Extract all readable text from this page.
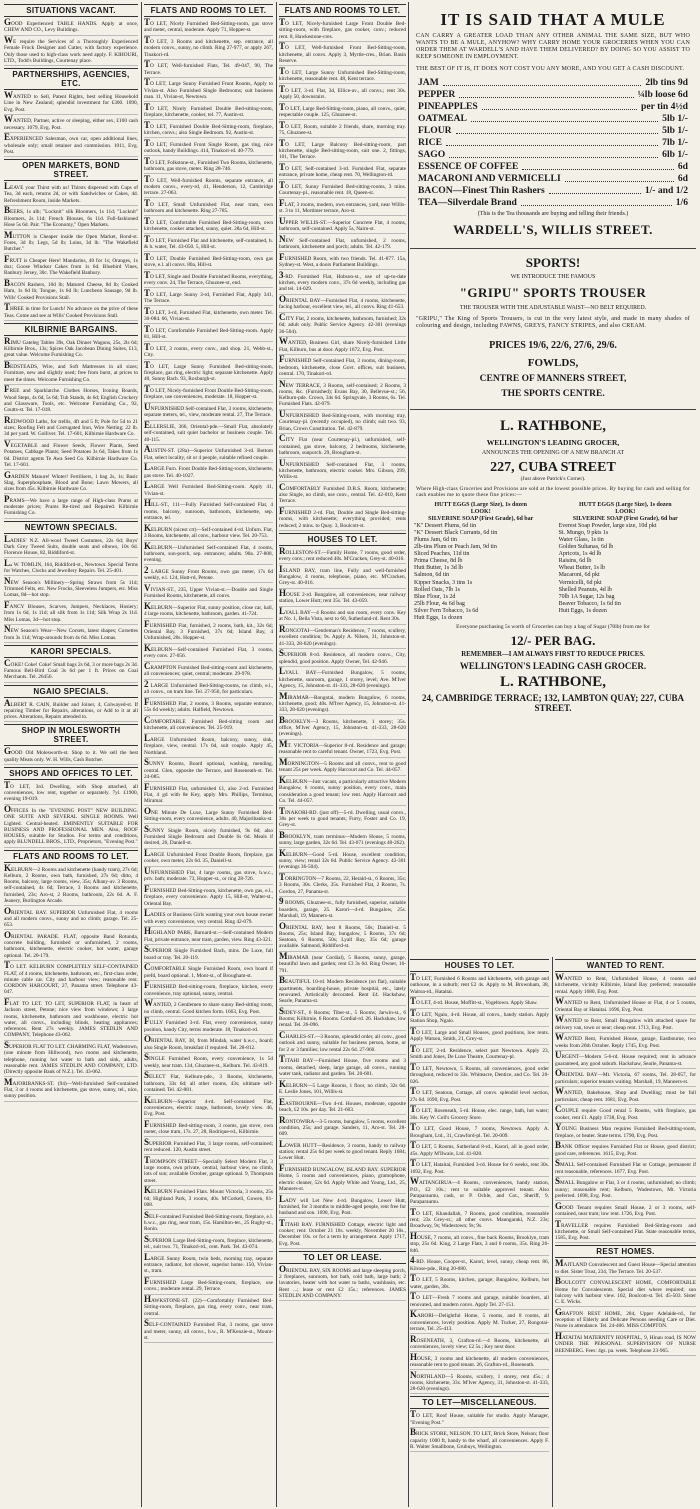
SITUATIONS VACANT.
GOOD Experienced TABLE HANDS. Apply at once, CHEW AND CO., Levy Buildings.
WE require the Services of a Thoroughly Experienced Female Frock Designer and Cutter, with factory experience. Only those used to high-class work need apply. F. KIHOURI, LTD., Todd's Buildings, Courtenay place.
PARTNERSHIPS, AGENCIES, ETC.
WANTED to Sell, Patent Rights, best selling Household Line in New Zealand; splendid investment for £300. 1090, Evg. Post.
WANTED, Partner, active or sleeping, either sex, £100 cash necessary. 1079, Evg. Post.
EXPERIENCED Salesman, own car, open additional lines, wholesale only; small retainer and commission. 1011, Evg. Post.
OPEN MARKETS, BOND STREET.
LEAVE your Thirst with us! Thirsts dispersed with Cups of Tea, 3d each, returns 2d, or with Sandwiches or Cakes, 4d. Refreshment Room, inside Markets.
BEERS, 1s alb; "Locknit" silk Bloomers, 1s 11d; "Locknit" Bloomers, 2s 11d; French Blouses, 6s 11d. Full-fashioned Hose 5s 6d. Pair. "The Economy," Open Markets.
MUTTON is Cheaper inside the Open Market, Bond-st. Fores, 3d lb; Legs, 5d lb; Loins, 3d lb. "The Wakefield Butcher."
FRUIT is Cheaper Here! Mandarins, 40 for 1s; Oranges, 1s doz; Goose Windsor Cakes from 1s 6d. Bluebird Vines, Banbury Jersey, 30c. The Wakefield Banbury.
BACON Rashers, 10d lb; Matured Cheese, 8d lb; Cooked Ham, 1s 6d lb; Tongue, 1s 6d lb; Luncheon Sausage, 9d lb. Wills' Cooked Provisions Stall.
THREE in time for Lunch! No advance on the price of these Teas. Come and see at Wills' Cooked Provisions Stall.
KILBIRNIE BARGAINS.
RIMU Gateleg Tables 39s, Oak Dinner Wagons, 25s, 2ls 6d; Kilbirnie Bros., 13s; Spices Oak Jacobean Dining Suites, £13, great value. Welcome Furnishing Co.
BEDSTEADS, Wire, and Soft Mattresses in all sizes; Furniture, new and slightly used; free from burst, at prices to meet the times. Welcome Furnishing Co.
FREE and Sparklatche. Clothes Horses, Ironing Boards, Wood Steps, 4s 6d, 5s 6d; Tub Stands, 4s 6d; English Crockery and Glassware, Tools, etc. Welcome Furnishing Co., 92, Coutts-st. Tel. 17-018.
REDWOOD Laths, for trellis, 4ft and 5 ft; Pole for 5d to 21 sizes; Roofing Felt and Corrugated Iron, Wire Netting; 22 lb. 3d per yard. W. Golliver. Tel. 17-601, Kilbirnie Hardware Co.
VEGETABLE and Flower Seeds, Flower Plants, Seed Potatoes, Cabbage Plants; Seed Potatoes 3s 6d, Takes from 1s 6d. District agents Te Awa Seed Co. Kilbirnie Hardware Co. Tel. 17-601.
GARDEN Manure! Winter! Fertilisers, 1 bag 2s, 1s; Basic Slag, Superphosphate, Blood and Bone; Lawn Mowers, all sizes from 45s. Kilbirnie Hardware Co.
PRAMS—We have a large range of High-class Prams at moderate prices; Prams Re-tired and Repaired. Kilbirnie Furnishing Co.
NEWTOWN SPECIALS.
LADIES' N.Z. All-wool Tweed Costumes, 22s 6d; Boys' Dark Grey Tweed Suits, double seats and elbows, 10s 6d. Florence House, 82, Riddiford-st.
L. W. TOMLIN, 164, Riddiford-st., Newtown. Special Terms for Watches, Clocks and Jewellery Repairs. Tel. 25-401.
NEW Season's Millinery—Spring Straws from 5s 11d; Trimmed Felts, etc. New Frocks, Sleeveless Jumpers, etc. Miss Lomas, 8d—hot stop.
FANCY Blouses, Scarves, Jumpers, Necklaces, Hosiery; from 1s 6d, 1s 11d; all silk from 1s 11d; Silk Wrap 2s 11d. Miss Lomas, 3d—hot stop.
NEW Season's Wear—New Corsets, latest shapes; Corsettes from 3s 11d; Wrap-arounds from 4s 6d. Miss Lomas.
KARORI SPECIALS.
COKE! Coke! Coke! Small bags 2s 6d, 3 or more bags 2s 3d. Famous Bell-Bird Coal 3s 6d per 1 ft. Prices on Coal Merchants. Tel. 26456.
NGAIO SPECIALS.
ALBERT R. CAIN, Builder and Joiner, 4, Colwayed-st. If repairing Timber for Repairs, alterations, or Add to it at all prices. Alterations, Repairs attended to.
SHOP IN MOLESWORTH STREET.
GOOD Old Molesworth-st. Shop to it. We sell the best quality Meats only. W. H. Wills, Cash Butcher.
SHOPS AND OFFICES TO LET.
TO LET, 3rd. Dwelling, with Shop attached, all conveniences, low rent, together or separately. 7yl. £1900, evening 19-019.
OFFICES In the "EVENING POST" NEW BUILDING. ONE SUITE AND SEVERAL SINGLE ROOMS. Well Lighted. Central-heated. EMINENTLY SUITABLE FOR BUSINESS AND PROFESSIONAL MEN. Also, ROOF HOUSES, suitable for Studios. For terms and conditions, apply BLUNDELL BROS., LTD., Proprietors, "Evening Post."
FLATS AND ROOMS TO LET.
KELBURN—2 Rooms and kitchenette (handy tram), 27s 6d; Kelburn, 2 Rooms, own bath, furnished, 27s 6d; ditto, 4 Rooms, balcony, large rooms, view, 35s; Albany-av. 3 Rooms, self-contained, 4s 6d; Terrace, 3 Rooms and kitchenette, furnished, 23s; Aro-st, 2 Rooms, bathroom, 22s 6d. A. F. Jeanery, Burlington Arcade.
ORIENTAL BAY. SUPERIOR Unfurnished Flat, 4 rooms and all modern convs., sunny and no climb; garage. Tel. 25-653.
ORIENTAL PARADE. FLAT, opposite Band Rotunda, concrete building, furnished or unfurnished, 2 rooms, bathroom, kitchenette, electric cooker, hot water, garage optional. Tel. 20-179.
TO LET. KELBURN COMPLETELY SELF-CONTAINED FLAT, of 4 rooms, kitchenette, bathroom, etc., first-class order, minute cable car. City and harbour view; reasonable rent. GORDON HARCOURT, 27, Panama street. Telephone 43-047.
FLAT TO LET. TO LET, SUPERIOR FLAT, in heart of Jackson street, Petone; nice view from windows; 3 large rooms, kitchenette, bathroom and washhouse, electric hot water, all convs., including blinds, heating appliances; references. Rent 27s weekly. JAMES STEDLIN AND COMPANY, Telephone 43-062.
SUPERIOR FLAT TO LET. CHARMING FLAT, Wadestown, (one minute from Hillwood), two rooms and kitchenette, telephone, running hot water to bath and sink, adults, reasonable rent. JAMES STEDLIN AND COMPANY, LTD. (Directly opposite Bank of N.Z.). Tel. 43-062.
MAJORIBANKS-ST. (94)—Well-furnished Self-contained Flat, 3 or 4 rooms and kitchenette, gas stove, sunny, tel., nice, sunny position.
FLATS AND ROOMS TO LET.
TO LET, Nicely Furnished Bed-Sitting-room, gas stove and meter, central, moderate. Apply 71, Hopper-st.
TO LET, 3 Rooms and kitchenette, sep. entrance, all modern convs., sunny, no climb. Ring 27-977, or apply 267, Tinakori-rd.
TO LET, Well-furnished Flats, Tel. 49-047, 90, The Terrace.
TO LET, Large Sunny Furnished Front Rooms, Apply to Vivian-st. Also Furnished Single Bedrooms; suit business man. 11, Vivian-st, Newtown.
TO LET, Nicely Furnished Double Bed-sitting-room, fireplace, kitchenette, cooker, tel. 77, Austin-st.
TO LET, Furnished Double Bed-Sitting-room, fireplace, kitchen, convs.; also Single Bedroom. 92, Austin-st.
TO LET, Furnished Front Single Room, gas ring, nice outlook, handy Buildings. 414, Tinakori-rd. 40-779.
TO LET, Folkstone-st., Furnished Two Rooms, kitchenette, bathroom, gas stove, meter. Ring 28-746.
TO LET, Well-furnished Rooms, separate entrance, all modern convs., every-rd, 41, Henderson, 12, Cambridge terrace. 27-063.
TO LET, Small Unfurnished Flat, near tram, own bathroom and kitchenette. Ring 27-785.
TO LET, Comfortable Furnished Bed-Sitting-room, own kitchenette, cooker attached, sunny, quiet. 28a 64, Hill-st.
TO LET, Furnished Flat and kitchenette, self-contained, h. & h. water, Tel. 43-050. 5, Hill-st.
TO LET, Double Furnished Bed-Sitting-room, own gas stove, e.l. all convs. 80a, Hill-st.
TO LET, Single and Double Furnished Rooms, everything, every conv. 24, The Terrace, Ghuznee-st, end.
TO LET, Large Sunny 3-rd, Furnished Flat, Apply 341, The Terrace.
TO LET, 3-rd, Furnished Flat, kitchenette, own meter. Tel. 30-084. 66, Vivian-st.
TO LET, Comfortable Furnished Bed-Sitting-room. Apply 81, Hill-st.
TO LET, 3 rooms, every conv., and shop. 21, Webb-st., City.
TO LET, Large Sunny Furnished Bed-sitting-room, fireplace, gas ring, electric light; separate kitchenette. Apply 40, Sunny Bach. 93, Roxburgh-st.
TO LET, Nicely-furnished Front Double Bed-Sitting-room, fireplace, use conveniences, moderate. 18, Hopper-st.
UNFURNISHED Self-contained Flat, 3 rooms, kitchenette, separate meters, tel., view, moderate rental. 27, The Terrace.
ELLERSLIE, 366, Oriental-pde.—Small Flat, absolutely self-contained, suit quiet bachelor or business couple. Tel. 40-115.
AUSTIN-ST. (28a)—Superior Unfurnished 3-rd. Bottom Flat, select locality, sit or 4 people, suitable refined couple.
LARGE Furn. Front Double Bed-Sitting-room, kitchenette, gas stove. Tel. 40-1027.
LARGE Well Furnished Bed-Sitting-room. Apply 41, Vivian-st.
HILL-ST., 111—Fully Furnished Self-contained Flat, 4 rooms, balcony, sunroom, bathroom, kitchenette, sep. entrance, tel.
KELBURN (nicest crt)—Self-contained 4-rd. Unfurn. Flat, 3 Rooms, kitchenette, all conv., harbour view. Tel. 20-753.
KELBURN—Unfurnished Self-contained Flat, 4 rooms, bathroom, sun-porch, sep. entrances; adults. 90a. 27-808, evening.
2 LARGE Sunny Front Rooms, own gas meter, 17s 6d weekly, e.l. 124, Hutt-rd, Petone.
VIVIAN-ST., 235, Upper Vivian-st.—Double and Single Furnished Rooms, kitchenette, all convs.
KELBURN—Superior Flat, sunny position, close car, hall, 4 large rooms, kitchenette, bathroom, garden. 41-724.
FURNISHED Flat, furnished, 2 rooms, bath, kit., 32s 6d; Oriental Bay, 3 Furnished, 37s 6d; Island Bay, 4 Unfurnished, 20s. Hopper-st.
KELBURN—Self-contained Furnished Flat, 3 rooms, every conv. 27-056.
CRAMPTON Furnished Bed-sitting-room and kitchenette, all conveniences; quiet, central; moderate. 29-978.
2 LARGE Unfurnished Bed-Sitting-rooms, no climb, e.l., all convs., on tram line. Tel. 27-956, for particulars.
FURNISHED Flat, 2 rooms, 3 Rooms, separate entrance, 55s 6d weekly; adults. Halfield, Newtown.
COMFORTABLE Furnished Bed-sitting room and kitchenette, all conveniences. Tel. 25-919.
LARGE Unfurnished Room, balcony, sunny, sink, fireplace, view, central. 17s 6d, suit couple. Apply 45, Northland.
SUNNY Rooms, Board optional, washing, mending, central. Glen, opposite the Terrace, and Roseneath-st. Tel. 24-085.
FURNISHED Flat, unfurnished £1, also 2-rd. Furnished Flat, 4 gd with 8e Key, apply Mrs. Phillips, Terminus, Miramar.
ONE Minute De Luxe, Large Sunny Furnished Bed-Sitting-room, every convenience, adults. 40, Majoribanks-st.
SUNNY Single Room, nicely furnished, 9s 6d; also Furnished Single Bedroom and Double 6s 6d. Meals if desired, 26, Daniell-st.
LARGE Unfurnished Front Double Room, fireplace, gas cooker, own meter, 22s 6d. 35, Daniell-st.
UNFURNISHED Flat, 4 large rooms, gas stove, h.w.c., priv. bath; moderate. 73, Hopper-st., or ring 28-726.
FURNISHED Bed-Sitting-room, kitchenette, own gas, e.l., fireplace, every convenience. Apply 15, Hill-st, Walter-st., Oriental Bay.
LADIES or Business Girls wanting your own house owner with every convenience, very central. Ring 42-079.
HIGHLAND PARK, Barnard-st.—Self-contained Modern Flat, private entrance, near tram, garden, view. Ring 43-321.
SUPERIOR Single Furnished Bach, mins. De Luxe, fall board or tray. Tel. 20-119.
COMFORTABLE Single Furnished Room, own board if prefd, board optional. 1, Mont-st., of Brougham-st.
FURNISHED Bed-sitting-room, fireplace, kitchen, every convenience, tray optional, sunny, central.
WANTED, 2 Gentlemen to share sunny Bed-sitting room, no climb, central. Good kitchen form. 1663, Evg. Post.
FULLY Furnished 3-rd. Flat, every convenience, sunny position, handy City, terms moderate. 18, Tinakori-rd.
ORIENTAL BAY, 38, from Mindah, water h.w.c., board; also Single Room, breakfast if required. Tel. 28-812.
SINGLE Furnished Room, every convenience, 1s 5d weekly, near tram. 134, Ghuznee-st., Kelburn. Tel. 43-819.
SELECT Flat, Kelburn-pde., 3 Rooms, kitchenette, bathroom, 33s 6d; all other rooms, 43s; ultimate self-contained. Tel. 42-881.
KELBURN—Superior 4-rd. Self-contained Flat, conveniences, electric range, bathroom, lovely view. 46, Evg. Post.
FURNISHED Bed-sitting-room, 3 rooms, gas stove, own meter, close tram, 17s. 27, 28, Rodrique-rd., Kilbirnie.
SUPERIOR Furnished Flat, 3 large rooms, self-contained; rent reduced. 120, Austin street.
THOMPSON STREET—Specially Select Modern Flat, 3 large rooms, own private, central, harbour view, no climb, lots of sun; available October, garage optional. 9, Thompson street.
KELBURN Furnished Flats. Mount Victoria, 3 rooms, 25s 6d; Highland Park, 3 rooms, 40s. M'Corkell, Gowen, 81-008.
SELF-contained Furnished Bed-Sitting-room, fireplace, e.l. h.w.c., gas ring, near tram, 15s. Hamilton-ter., 25 Rugby-st., Ronin.
SUPERIOR Large Bed-Sitting-room, fireplace, kitchenette, tel., suit two. 71, Tinakori-rd., cent. Park. Tel. 43-074.
LARGE Sunny Room, twin beds, morning tray, separate entrance, radiator, hot shower, superior home. 150, Vivian-st., tram.
FURNISHED Large Bed-Sitting-room, fireplace, use convs.; moderate rental. 29, Terrace.
HAWKSTONE-ST. (22)—Comfortably Furnished Bed-Sitting-room, fireplace, gas ring, every conv., near tram, central.
SELF-CONTAINED Furnished Flat, 3 rooms, gas stove and meter, sunny, all convs., h.w., R. M'Kenzie-st., Mount-st.
FLATS AND ROOMS TO LET.
TO LET, Nicely-furnished Large Front Double Bed-sitting-room, with fireplace, gas cooker, conv.; reduced rent. 8, Hawkestone-cres.
TO LET, Well-furnished Front Bed-Sitting-room, kitchenette, all convs. Apply 3, Myrtle-cres., Brian. Basin Reserve.
TO LET, Large Sunny Unfurnished Bed-Sitting-room, kitchenette, reasonable rent. 48, Kent terrace.
TO LET, 3-rd. Flat, 3d, Ellice-av., all convs.; rent 30s. Apply 50, downstairs.
TO LET, Large Bed-Sitting-room, piano, all convs., quiet, respectable couple. 125, Ghuznee-st.
TO LET, Room, suitable 2 friends, share, morning tray. 75, Ghuznee-st.
TO LET, Large Balcony Bed-sitting-room, part kitchenette, single Bed-sitting-room, suit one. 2, fittings, 101, The Terrace.
TO LET, Self-contained 3-rd. Furnished Flat, separate entrance, private home, cheap rent. 70, Wellington-rd.
TO LET, Sunny Furnished Bed-sitting-rooms, 3 mins. Courtenay-pl., reasonable rent. 18, Queen-st.
FLAT, 3 rooms, modern, own entrances, yard, near Willis-st. 3 to 11, Mortimer terrace, Aro-st.
UPPER WILLIS-ST.—Superior Concrete Flat, 4 rooms, bathroom, self-contained. Apply 5s, Nairn-st.
NEW Self-contained Flat, unfurnished, 2 rooms, bathroom, kitchenette and porch; adults. Tel. 42-179.
FURNISHED Room, with two friends. Tel. 41-877. 15a, Sydney-st. West, a doors Parliament Buildings.
3-RD. Furnished Flat, Hobson-st., use of up-to-date kitchen, every modern conv., 37s 6d weekly, including gas and tel. 14-029.
ORIENTAL BAY—Furnished Flat, 4 rooms, kitchenette, facing harbour, excellent view, tel., all convs. Ring 41-653.
CITY Flat, 2 rooms, kitchenette, bathroom, furnished; 32s 6d; adult only. Public Service Agency. 42-301 (evenings 36-504).
WANTED, Business Girl, share Nicely-furnished Little Flat, Kilburn, bus at door. Apply 1672, Evg. Post.
FURNISHED Self-contained Flat, 3 rooms, dining-room, bedroom, kitchenette, close Govt. offices, suit business, central. 170, Tinakori-rd.
NEW TERRACE, 3 Rooms, self-contained; 2 Rooms, 3 rooms, &c. (Furnished); Evans Bay, 30, Bellevue-st.; 56, Kelburn-pde. Crown, 34s 6d. Springvale, 3 Rooms, 6s. Tel. Furnished Flats. 42-079.
UNFURNISHED Bed-Sitting-room, with morning tray, Courtenay-pl. (recently occupied), no climb; suit two. 93, Brian, Crown Constitution. Tel. 42-879.
CITY Flat (near Courtenay-pl.), unfurnished, self-contained, gas stove, balcony, 2 bedrooms, kitchenette, bathroom, sunporch. 29, Brougham-st.
UNFURNISHED Self-contained Flat, 3 rooms, kitchenette, bathroom, electric cooker. Mrs. Gibson, 299, Willis-st.
COMFORTABLY Furnished D.B.S. Room, kitchenette; also Single, no climb, use conv., central. Tel. 42-010, Kent Terrace.
FURNISHED 2-rd. Flat, Double and Single Bed-sitting-rooms, with kitchenette; everything provided; rents reduced; 2 mins. to Quay. 3, Boulcott-st.
HOUSES TO LET.
ROLLESTON-ST.—Family Home, 7 rooms, good order, every conv.; rent reduced 40s. M'Cracken, Grey-st. 40-016.
ISLAND BAY, tram line, Fully and well-furnished Bungalow, 4 rooms, telephone, piano, etc. M'Cracken, Grey-st. 40-016.
HOUSE 2-rd. Bungalow, all conveniences, near railway station, Lower Hutt; rent 35s. Tel. 43-059.
LYALL BAY—4 Rooms and sun room, every conv. Key at No. 1, Bella Vista, next to 60, Sutherland-rd. Rent 30s.
RONGOTAI—Gentleman's Residence, 7 rooms, scullery, excellent condition; 9s. Apply A. Nilsen, 31, Johnston-st. 41-333, 28-620 (evenings).
SUPERIOR 8-rd. Residence, all modern convs., City, splendid, good position. Apply Owner, Tel. 42-946.
LYALL BAY—Furnished Bungalow, 5 rooms, kitchenette, sunroom, garage, 1 storey, level; Ave. M'Iver Agency, 15, Johnston-st. 41-333, 28-620 (evenings).
MIRAMAR—Rongotai, modern Bungalow, 6 rooms, kitchenette, good; 40s. M'Iver Agency, 15, Johnston-st. 41-333, 28-620 (evenings).
BROOKLYN—3 Rooms, kitchenette, 1 storey; 35s. office, M'Iver Agency, 15, Johnston-st. 41-333, 28-620 (evenings).
MT. VICTORIA—Superior 8-rd. Residence and garage; reasonable rent to careful tenant. Owner, 1723, Evg. Post.
MORNINGTON—5 Rooms and all convs., rent to good tenant 25s per week. Apply Harcourt and Co. Tel. 44-057.
KELBURN—Just vacant, a particularly attractive Modern Bungalow, 6 rooms, sunny position, every conv., main consideration a good tenant; low rent. Apply Harcourt and Co. Tel. 44-057.
TINAKORI-RD. (just off)—5-rd. Dwelling, usual convs., 30s per week to good tenants; Furry, Foster and Co. 19, Grey-st.
BROOKLYN, tram terminus—Modern House, 5 rooms, sunny, large garden, 32s 6d. Tel. 43-071 (evenings 40-262).
KELBURN—Good 5-rd. House, excellent condition, sunny, view; rental 32s 6d. Public Service Agency. 42-301 (evenings 36-504).
TORRINGTON—7 Rooms, 22, Herald-st., 6 Rooms, 35s; 3 Rooms, 30s. Clerks, 35s. Furnished Flat, 2 Rooms, 7s. Gordon, 27, Panama-st.
9 ROOMS, Ghuznee-st., fully furnished, superior, suitable boarders, garage, 25. Karori—4-rd. Bungalow, 25s. Marshall, 19, Manners-st.
ORIENTAL BAY, best 8 Rooms, 50s; Daniell-st. 5 Rooms, 25s; Island Bay, bungalow, 5 Rooms, 37s 6d; Seatoun, 6 Rooms, 50s; Lyall Bay, 35s 6d; garage available. Salmond, Riddiford-st.
MIRAMAR (near Cordial), 5 Rooms, sunny, garage, beautiful lawn and garden; rent £3 3s 6d. Ring Owner, 16-791.
BEAUTIFUL 10-rd. Modern Residence (on flat), suitable apartments, boarding-house, private hospital, etc., lately renovated. Artistically decorated. Rent £4. Hackshaw, Searle, Panama-st.
SIDEY-ST., 6 Rooms; Tiber-st., 5 Rooms; Jarwin-st., 6 Rooms; Kilbirnie, 6 Rooms. Cordial-rd. 26. Hackshaw, low rental. Tel. 26-096.
CHARLES-ST.—3 Rooms, splendid order, all conv., good outlook and sunny, suitable for business person, home, or for 2 or 3 families; low rental 22s 6d. 27-960.
TITAHI BAY—Furnished House, five rooms and 3 rooms, detached, sleep, large garage, all convs., running water tank, radiator and garden. Tel. 20-601.
KELBURN—5 Large Rooms, 1 floor, no climb, 32s 6d. E. Leslie Jones, 101, Willis-st.
EASTBOURNE—Two 4-rd. Houses, moderate, opposite beach, £2 10s. per day. Tel. 21-603.
RONTOWIRA—3-5 rooms, bungalow, 5 rooms, excellent condition, 25s; and garage. Sanders, 11, Aro-st. Tel. 28-609.
LOWER HUTT—Residence, 3 rooms, handy to railway station; rental 25s 6d per week to good tenant. Reply 1684, Lower Hutt.
FURNISHED BUNGALOW, ISLAND BAY. SUPERIOR Home, 5 rooms and conveniences, piano, gramophone, electric cleaner, 52s 6d. Apply White and Young, Ltd., 25, Manners-st.
LADY will Let New 4-rd. Bungalow, Lower Hutt, furnished, for 3 months to middle-aged people, rent free for husband and son. 1690, Evg. Post.
TITAHI BAY. FURNISHED Cottage, electric light and cooker; rent: October 21 10s. weekly, November 20 10s., December 10s. or for a term by arrangement. Apply 1717, Evg. Post.
TO LET OR LEASE.
ORIENTAL BAY, SIX ROOMS and large sleeping porch, 2 fireplaces, sunroom, hot bath, cold bath, large bath; 2 lavatories, heater with hot water to baths, washbasin, etc. Rent ...; lease or rent £2 15s.; references. JAMES STEDLIN AND COMPANY.
IT IS SAID THAT A MULE
CAN CARRY A GREATER LOAD THAN ANY OTHER ANIMAL THE SAME SIZE, BUT WHO WANTS TO BE A MULE, ANYHOW? WHY CARRY HOME YOUR GROCERIES WHEN YOU CAN ORDER THEM AT WARDELL'S AND HAVE THEM DELIVERED? BY DOING SO YOU ASSIST TO KEEP SOMEONE IN EMPLOYMENT.
THE BEST OF IT IS, IT DOES NOT COST YOU ANY MORE, AND YOU GET A CASH DISCOUNT.
JAM	2lb tins 9d
PEPPER	¼lb loose 6d
PINEAPPLES	per tin 4½d
OATMEAL	5lb 1/-
FLOUR	5lb 1/-
RICE	7lb 1/-
SAGO	6lb 1/-
ESSENCE OF COFFEE	6d
MACARONI AND VERMICELLI	6d
BACON—Finest Thin Rashers	1/- and 1/2
TEA—Silverdale Brand	1/6
(This is the Tea thousands are buying and telling their friends.)
WARDELL'S, WILLIS STREET.
SPORTS!
WE INTRODUCE THE FAMOUS
"GRIPU" SPORTS TROUSER
THE TROUSER WITH THE ADJUSTABLE WAIST—NO BELT REQUIRED.
"GRIPU," The King of Sports Trousers, is cut in the very latest style, and made in many shades of colouring and design, including FAWNS, GREYS, FANCY STRIPES, and also CREAM.
PRICES 19/6, 22/6, 27/6, 29/6.
FOWLDS,
CENTRE OF MANNERS STREET,
THE SPORTS CENTRE.
L. RATHBONE,
WELLINGTON'S LEADING GROCER,
ANNOUNCES THE OPENING OF A NEW BRANCH AT
227, CUBA STREET
(Just above Patrick's Corner).
Where High-class Groceries and Provisions are sold at the lowest possible prices. By buying for cash and selling for cash enables me to quote these fine prices:—
HUTT EGGS (Large Size), 1s dozen
LOOK!
SILVERINE SOAP (First Grade), 6d bar
"K" Dessert Plums, 6d tin
"K" Dessert Black Currants, 6d tin
Plums Jam, 6d tin
2lb-tins Plum or Peach Jam, 9d tin
Sliced Peaches, 11d tin
Prima Cheese, 8d lb
Hutt Butter, 1s 3d lb
Salmon, 6d tin
Kipper Snacks, 3 tins 1s
Rolled Oats, 7lb 1s
Blue Flour, 1s 2d
25lb Flour, 4s 6d bag
Silver Fern Tobacco, 1s 6d
Hutt Eggs, 1s dozen
HUTT EGGS (Large Size), 1s dozen
LOOK!
SILVERINE SOAP (First Grade), 6d bar
Everest Soap Powder, large size, 10d pkt
St. Mungo, 9 pkts 1s
Water Glass, 1s tin
Golden Sultanas, 6d lb
Apricots, 1s 4d lb
Raisins, 6d lb
Wheat Butter, 1s lb
Macaroni, 6d pkt
Vermicelli, 6d pkt
Shelled Peanuts, 4d lb
70lb 1A Sugar, 12s bag
Beaver Tobacco, 1s 6d tin
Hutt Eggs, 1s dozen
Everyone purchasing 5s worth of Groceries can buy a bag of Sugar (70lb) from me for
12/- PER BAG.
REMEMBER—I AM ALWAYS FIRST TO REDUCE PRICES.
WELLINGTON'S LEADING CASH GROCER.
L. RATHBONE,
24, CAMBRIDGE TERRACE; 132, LAMBTON QUAY; 227, CUBA STREET.
HOUSES TO LET.
TO LET, Furnished 6 Rooms and kitchenette, with garage and outhouse, in a suburb; rent £2 4s. Apply to M. Brownham, 38, Waitoa-rd., Hataitai.
TO LET, 4-rd. House, Moffitt-st., Vogeltown. Apply Shaw.
TO LET, Ngaio, 4-rd. House, all convs., handy station. Apply Station Shop, Ngaio.
TO LET, Large and Small Houses, good positions, low rents. Apply Watson, Smith, 21, Grey-st.
TO LET, 2-rd. Residence, select part Newtown. Apply 23, Smith and Jones, De Luxe Theatre, Courtenay-pl.
TO LET, Newtown, 5 Rooms, all conveniences, good order throughout, reduced to 33s. Whiteacre, Dentice, and Co. Tel. 20-026.
TO LET, Seatoun, Cottage, all convs. splendid level section, 27s 6d. 1690, Evg. Post.
TO LET, Roseneath, 5-rd. House, elec. range, bath, hot water; 30s. Key W. Coll's Grocery Store.
TO LET, Good House, 7 rooms, Newtown. Apply A. Brougham, Ltd., 31, Crawford-pl. Tel. 20-009.
TO LET, 5 Rooms, Sutherland 8-rd., Karori, all in good order, 45s. Apply M'Ilwain, Ltd. 41-820.
TO LET, Hataitai, Furnished 3-rd. House for 6 weeks, rent 30s. 1692, Evg. Post.
WAITANGIRUA—4 Rooms, conveniences, handy station, P.O., £2 10s.; rent to suitable approved tenant. Also Paraparaumu, cash, or P. Ochle, and Cot., Sheriff, 9, Paraparaumu.
TO LET, Khandallah, 7 Rooms, good condition, reasonable rent; 23s Grey-st.; all other convs. Maungaraki, N.Z. 23s; Broadway, 9s; Wadestown; 9s; 9s.
HOUSE, 7 rooms, all convs., fine back Rooms, Brooklyn, tram stop, 25s 6d. King, 2 Large Flats, 3 and 6 rooms, 35s. Ring 26-846.
4-RD. House, Cooper-st., Karori, level, sunny, cheap rent. 86, Kilrose-pde., Ring 20-080.
TO LET, 5 Rooms, kitchen, garage; Bungalow, Kelburn, hot water, garden, 30s.
TO LET—Fresh 7 rooms and garage, suitable boarders, all renovated, and modern convs. Apply Tel. 27-151.
KARORI—Delightful Home, 5 rooms, and 8 rooms, all conveniences, lovely position. Apply M. Tucker, 27, Rongotai-terrace, Tel. 25-413.
ROSENEATH, 3, Grafton-rd.—4 Rooms, kitchenette, all conveniences, lovely view; £2 5s.; Key next door.
HOUSE, 3 rooms and kitchenette, all modern conveniences, reasonable rent to good tenant. 26, Grafton-rd., Roseneath.
NORTHLAND—5 Rooms, scullery, 1 storey, rent 45s.; 4 rooms, kitchenette, 33s. M'Iver Agency, 31, Johnston-st. 41-333, 28-620 (evenings).
TO LET—MISCELLANEOUS.
TO LET, Roof House, suitable for studio. Apply Manager, "Evening Post."
BRICK STORE, NELSON. TO LET, Brick Store, Nelson; floor capacity 1000 ft, handy to the wharf, all conveniences. Apply F. R. Walter Smallbone, Grubuys, Wellington.
WANTED TO RENT.
WANTED to Rent, Unfurnished House, 4 rooms and kitchenette, vicinity Kilbirnie, Island Bay preferred; reasonable rental. Apply 1680, Evg. Post.
WANTED to Rent, Unfurnished House or Flat, 4 or 5 rooms, Oriental Bay or Hataitai. 1696, Evg. Post.
WANTED to Rent, Small Bungalow with attached space for delivery van, town or near; cheap rent. 1713, Evg. Post.
WANTED Rent, Furnished House, garage, Eastbourne, two weeks from 26th October. Reply 1745, Evg. Post.
URGENT—Modern 5-6-rd. House required; rent in advance guaranteed, any good suburb. Hackshaw, Searle, Panama-st.
ORIENTAL BAY—Mt. Victoria, 67 rooms, Tel. 28-057, for particulars; superior tenants waiting. Marshall, 19, Manners-st.
WANTED, Bakehouse, Shop and Dwelling; must be full particulars; cheap rent. 1681, Evg. Post.
COUPLE require Good rental 5 Rooms, with fireplace, gas cooker, rent £1. Apply 1738, Evg. Post.
YOUNG Business Man requires Furnished Bed-sitting-room, fireplace, or heater. State terms. 1790, Evg. Post.
BANK Officer requires Furnished Flat or House, good district; good care, references. 1615, Evg. Post.
SMALL Self-contained Furnished Flat or Cottage, permanent if rent reasonable, references. 1677, Evg. Post.
SMALL Bungalow or Flat, 3 or 4 rooms, unfurnished; no climb; sunny; reasonable rent; Kelburn, Wadestown, Mt. Victoria preferred. 1698, Evg. Post.
GOOD Tenant requires Small House, 2 or 3 rooms, self-contained, near tram; low rent. 1726, Evg. Post.
TRAVELLER requires Furnished Bed-Sitting-room and kitchenette, or Small Self-contained Flat. State reasonable terms, 1585, Evg. Post.
REST HOMES.
MAITLAND Convalescent and Guest House—Special attention to diet. Sister Trust, 234, The Terrace. Tel. 20-537.
BOULCOTT CONVALESCENT HOME, COMFORTABLE Home for Convalescents. Special diet where required; sun balcony with harbour view. 102, Boulcott-st. Tel. 45-503. Sister C. E. Wicks.
GRAFTON REST HOME, 284, Upper Adelaide-rd., for reception of Elderly and Delicate Persons needing Care or Diet. Nurse in attendance. Tel. 24-406. MISS COMPTON.
HATAITAI MATERNITY HOSPITAL, 9, Hinau road, IS NOW UNDER THE PERSONAL SUPERVISION OF NURSE BEENBERG. Fees: 4gs. pa. week. Telephone 23-965.
